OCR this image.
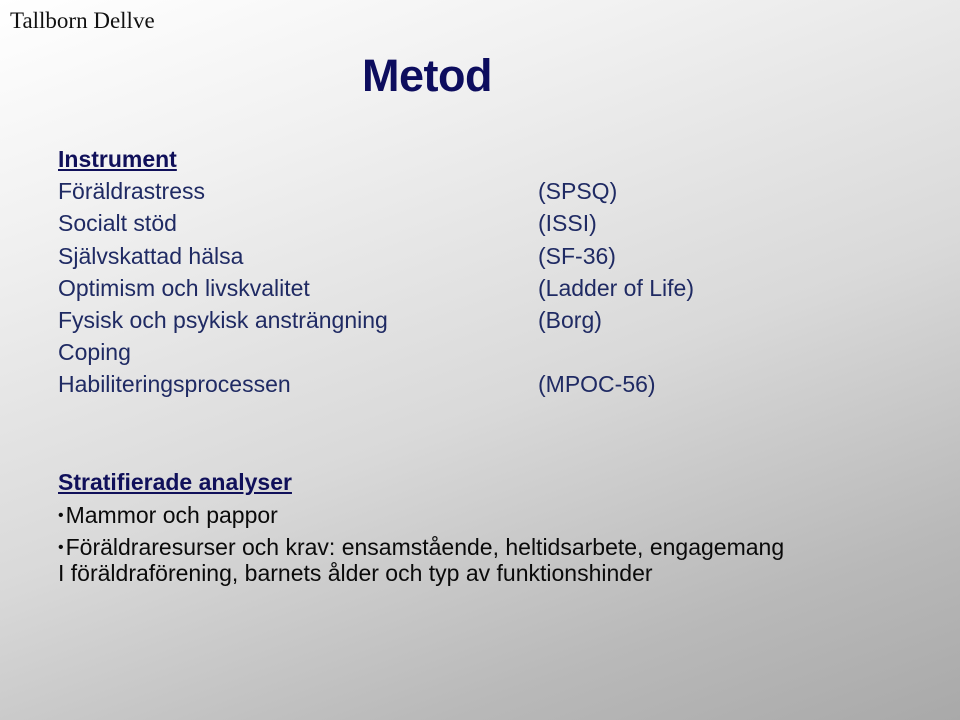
Tallborn Dellve
Metod
Instrument
Föräldrastress	(SPSQ)
Socialt stöd	(ISSI)
Självskattad hälsa	(SF-36)
Optimism och livskvalitet	(Ladder of Life)
Fysisk och psykisk ansträngning	(Borg)
Coping
Habiliteringsprocessen	(MPOC-56)
Stratifierade analyser
•Mammor och pappor
•Föräldraresurser och krav: ensamstående, heltidsarbete, engagemang
I föräldraförening, barnets ålder och typ av funktionshinder
